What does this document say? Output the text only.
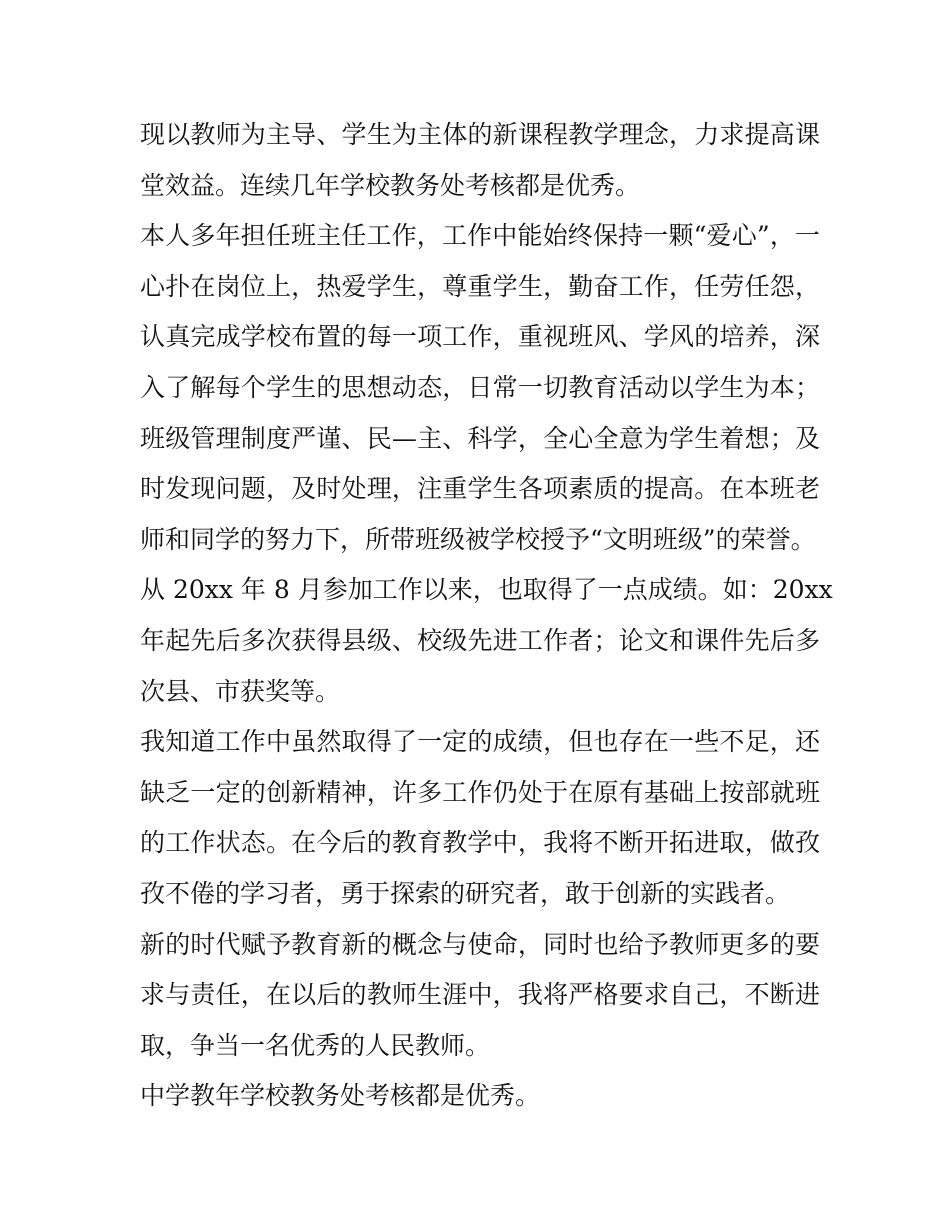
现以教师为主导、学生为主体的新课程教学理念，力求提高课
堂效益。连续几年学校教务处考核都是优秀。
本人多年担任班主任工作，工作中能始终保持一颗“爱心”，一
心扑在岗位上，热爱学生，尊重学生，勤奋工作，任劳任怨，
认真完成学校布置的每一项工作，重视班风、学风的培养，深
入了解每个学生的思想动态，日常一切教育活动以学生为本；
班级管理制度严谨、民—主、科学，全心全意为学生着想；及
时发现问题，及时处理，注重学生各项素质的提高。在本班老
师和同学的努力下，所带班级被学校授予“文明班级”的荣誉。
从 20xx 年 8 月参加工作以来，也取得了一点成绩。如：20xx
年起先后多次获得县级、校级先进工作者；论文和课件先后多
次县、市获奖等。
我知道工作中虽然取得了一定的成绩，但也存在一些不足，还
缺乏一定的创新精神，许多工作仍处于在原有基础上按部就班
的工作状态。在今后的教育教学中，我将不断开拓进取，做孜
孜不倦的学习者，勇于探索的研究者，敢于创新的实践者。
新的时代赋予教育新的概念与使命，同时也给予教师更多的要
求与责任，在以后的教师生涯中，我将严格要求自己，不断进
取，争当一名优秀的人民教师。
中学教年学校教务处考核都是优秀。
